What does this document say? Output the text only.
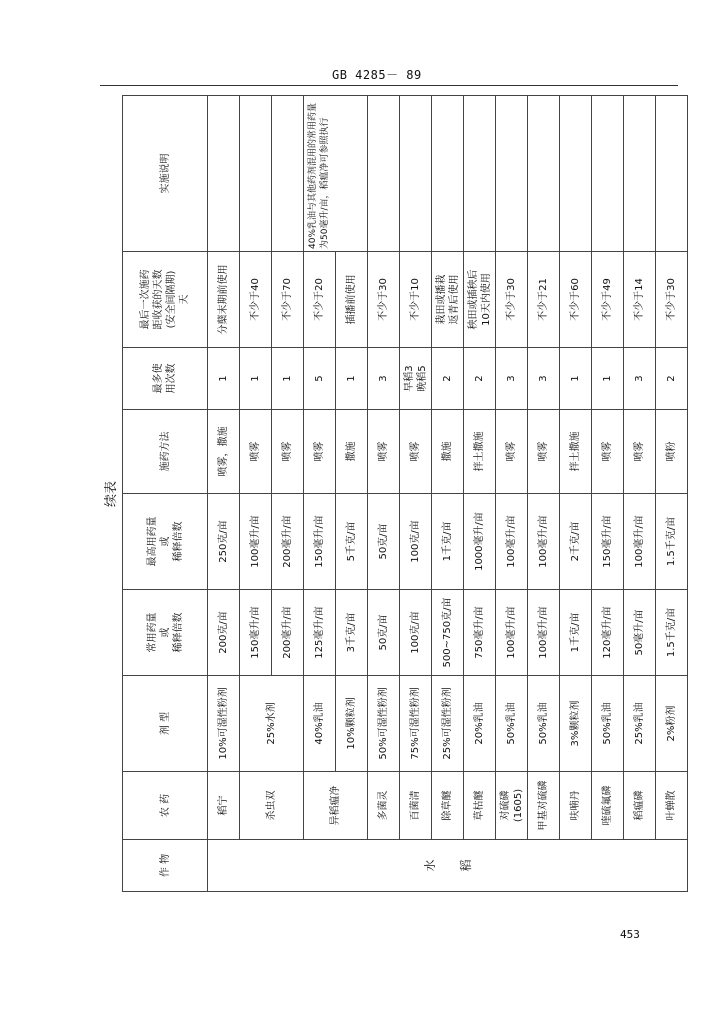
GB 4285－ 89
续表
作 物	农 药	剂 型	常用药量
或
稀释倍数	最高用药量
或
稀释倍数	施药方法	最多使
用次数	最后一次施药
距收获的天数
(安全间隔期)
天	实施说明

水 稻	稻宁	10%可湿性粉剂	200克/亩	250克/亩	喷雾，撒施	1	分蘖末期前使用	
	杀虫双	25%水剂	150毫升/亩	100毫升/亩	喷雾	1	不少于40	
			200毫升/亩	200毫升/亩	喷雾	1	不少于70	
	异稻瘟净	40%乳油	125毫升/亩	150毫升/亩	喷雾	5	不少于20	40%乳油与其他药剂混用的常用药量为50毫升/亩，稻瘟净可参照执行
		10%颗粒剂	3千克/亩	5千克/亩	撒施	1	插播前使用	
	多菌灵	50%可湿性粉剂	50克/亩	50克/亩	喷雾	3	不少于30	
	百菌清	75%可湿性粉剂	100克/亩	100克/亩	喷雾	早稻3
晚稻5	不少于10	
	除草醚	25%可湿性粉剂	500~750克/亩	1千克/亩	撒施	2	栽田或播栽
返青后使用	
	草枯醚	20%乳油	750毫升/亩	1000毫升/亩	拌土撒施	2	秧田或插秧后
10天内使用	
	对硫磷(1605)	50%乳油	100毫升/亩	100毫升/亩	喷雾	3	不少于30	
	甲基对硫磷	50%乳油	100毫升/亩	100毫升/亩	喷雾	3	不少于21	
	呋喃丹	3%颗粒剂	1千克/亩	2千克/亩	拌土撒施	1	不少于60	
	喹硫氟磷	50%乳油	120毫升/亩	150毫升/亩	喷雾	1	不少于49	
	稻瘟磷	25%乳油	50毫升/亩	100毫升/亩	喷雾	3	不少于14	
	叶蝉散	2%粉剂	1.5千克/亩	1.5千克/亩	喷粉	2	不少于30	
453
